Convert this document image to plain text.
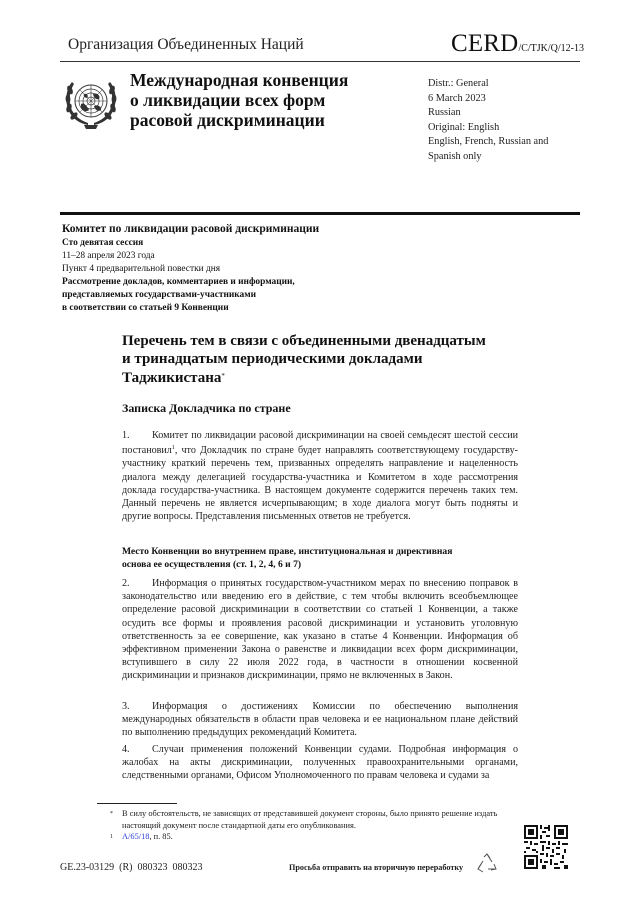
Организация Объединенных Наций	CERD/C/TJK/Q/12-13
Международная конвенция
о ликвидации всех форм
расовой дискриминации
Distr.: General
6 March 2023
Russian
Original: English
English, French, Russian and
Spanish only
Комитет по ликвидации расовой дискриминации
Сто девятая сессия
11–28 апреля 2023 года
Пункт 4 предварительной повестки дня
Рассмотрение докладов, комментариев и информации,
представляемых государствами-участниками
в соответствии со статьей 9 Конвенции
Перечень тем в связи с объединенными двенадцатым
и тринадцатым периодическими докладами
Таджикистана*
Записка Докладчика по стране
1. Комитет по ликвидации расовой дискриминации на своей семьдесят шестой сессии постановил$^1$, что Докладчик по стране будет направлять соответствующему государству-участнику краткий перечень тем, призванных определять направление и нацеленность диалога между делегацией государства-участника и Комитетом в ходе рассмотрения доклада государства-участника. В настоящем документе содержится перечень таких тем. Данный перечень не является исчерпывающим; в ходе диалога могут быть подняты и другие вопросы. Представления письменных ответов не требуется.
Место Конвенции во внутреннем праве, институциональная и директивная
основа ее осуществления (ст. 1, 2, 4, 6 и 7)
2. Информация о принятых государством-участником мерах по внесению поправок в законодательство или введению его в действие, с тем чтобы включить всеобъемлющее определение расовой дискриминации в соответствии со статьей 1 Конвенции, а также осудить все формы и проявления расовой дискриминации и установить уголовную ответственность за ее совершение, как указано в статье 4 Конвенции. Информация об эффективном применении Закона о равенстве и ликвидации всех форм дискриминации, вступившего в силу 22 июля 2022 года, в частности в отношении косвенной дискриминации и признаков дискриминации, прямо не включенных в Закон.
3. Информация о достижениях Комиссии по обеспечению выполнения международных обязательств в области прав человека и ее национальном плане действий по выполнению предыдущих рекомендаций Комитета.
4. Случаи применения положений Конвенции судами. Подробная информация о жалобах на акты дискриминации, полученных правоохранительными органами, следственными органами, Офисом Уполномоченного по правам человека и судами за
*	В силу обстоятельств, не зависящих от представившей документ стороны, было принято решение издать настоящий документ после стандартной даты его опубликования.
1	A/65/18, п. 85.
GE.23-03129  (R)  080323  080323	Просьба отправить на вторичную переработку
